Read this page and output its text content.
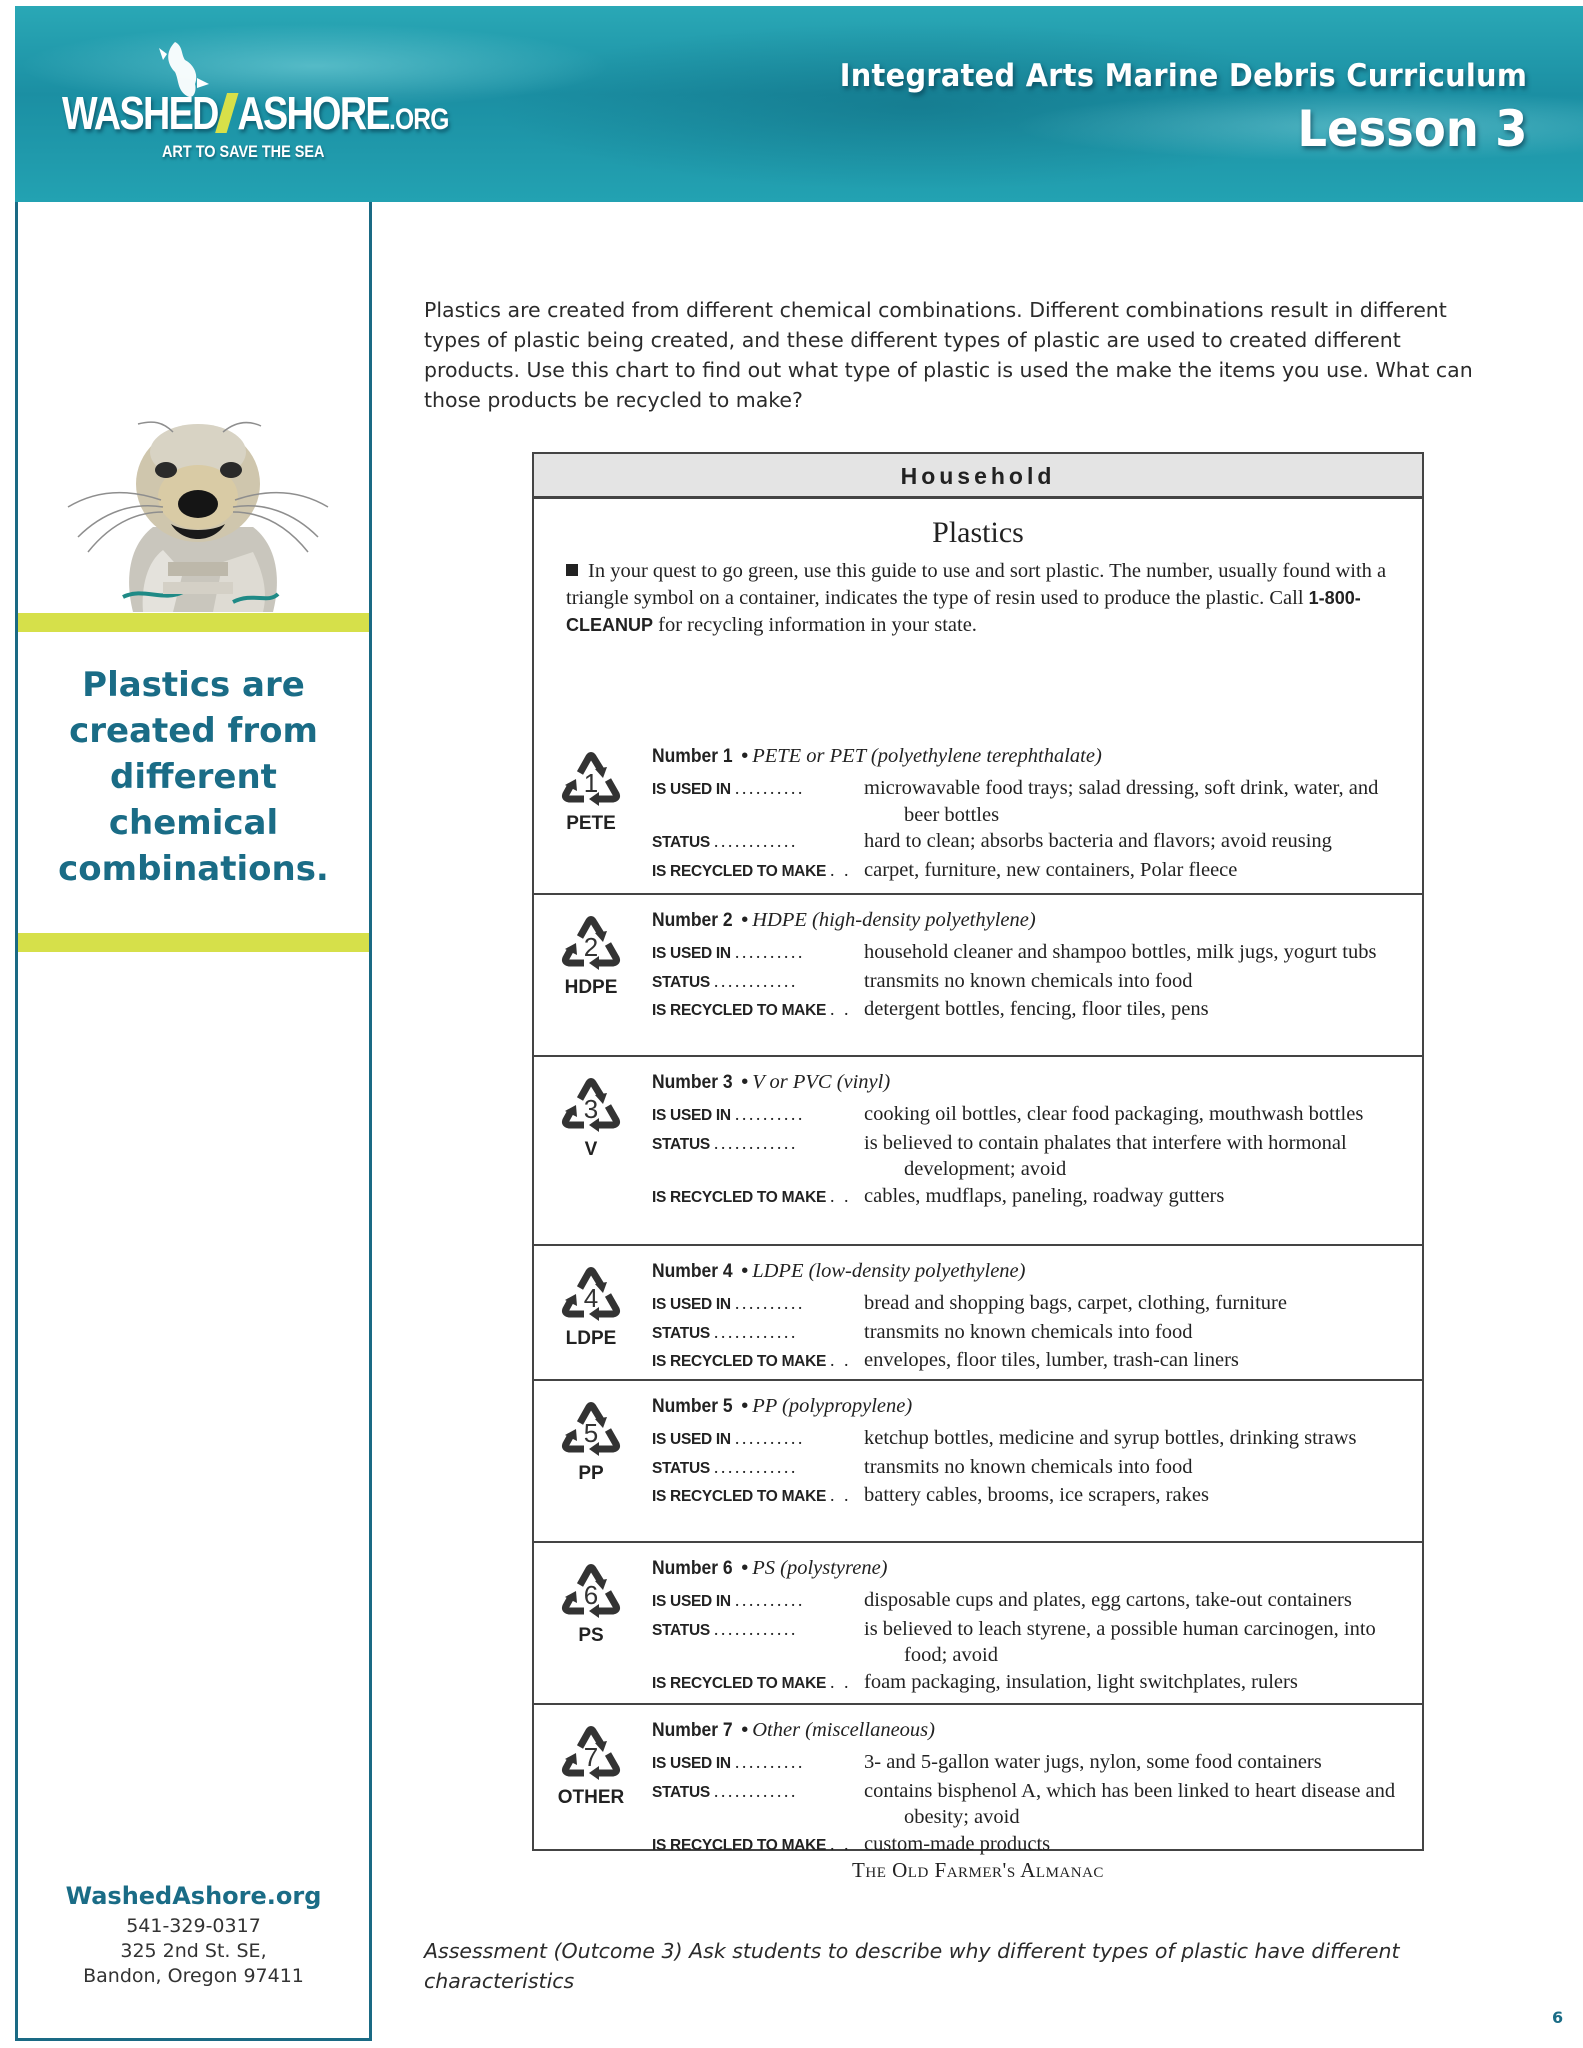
WASHED ASHORE.ORG
ART TO SAVE THE SEA
Integrated Arts Marine Debris Curriculum
Lesson 3
Plastics are
created from
different
chemical
combinations.
WashedAshore.org
541-329-0317
325 2nd St. SE,
Bandon, Oregon 97411
Plastics are created from different chemical combinations. Different combinations result in different types of plastic being created, and these different types of plastic are used to created different products. Use this chart to find out what type of plastic is used the make the items you use. What can those products be recycled to make?
Household
Plastics
In your quest to go green, use this guide to use and sort plastic. The number, usually found with a triangle symbol on a container, indicates the type of resin used to produce the plastic. Call 1-800-CLEANUP for recycling information in your state.
1
PETE
Number 1 • PETE or PET (polyethylene terephthalate)
IS USED IN ..........	microwavable food trays; salad dressing, soft drink, water, and beer bottles
STATUS ............	hard to clean; absorbs bacteria and flavors; avoid reusing
IS RECYCLED TO MAKE . . carpet, furniture, new containers, Polar fleece
2
HDPE
Number 2 • HDPE (high-density polyethylene)
IS USED IN ..........	household cleaner and shampoo bottles, milk jugs, yogurt tubs
STATUS ............	transmits no known chemicals into food
IS RECYCLED TO MAKE . . detergent bottles, fencing, floor tiles, pens
3
V
Number 3 • V or PVC (vinyl)
IS USED IN ..........	cooking oil bottles, clear food packaging, mouthwash bottles
STATUS ............	is believed to contain phalates that interfere with hormonal development; avoid
IS RECYCLED TO MAKE . . cables, mudflaps, paneling, roadway gutters
4
LDPE
Number 4 • LDPE (low-density polyethylene)
IS USED IN ..........	bread and shopping bags, carpet, clothing, furniture
STATUS ............	transmits no known chemicals into food
IS RECYCLED TO MAKE . . envelopes, floor tiles, lumber, trash-can liners
5
PP
Number 5 • PP (polypropylene)
IS USED IN ..........	ketchup bottles, medicine and syrup bottles, drinking straws
STATUS ............	transmits no known chemicals into food
IS RECYCLED TO MAKE . . battery cables, brooms, ice scrapers, rakes
6
PS
Number 6 • PS (polystyrene)
IS USED IN ..........	disposable cups and plates, egg cartons, take-out containers
STATUS ............	is believed to leach styrene, a possible human carcinogen, into food; avoid
IS RECYCLED TO MAKE . . foam packaging, insulation, light switchplates, rulers
7
OTHER
Number 7 • Other (miscellaneous)
IS USED IN ..........	3- and 5-gallon water jugs, nylon, some food containers
STATUS ............	contains bisphenol A, which has been linked to heart disease and obesity; avoid
IS RECYCLED TO MAKE . . custom-made products
The Old Farmer's Almanac
Assessment (Outcome 3) Ask students to describe why different types of plastic have different characteristics
6
